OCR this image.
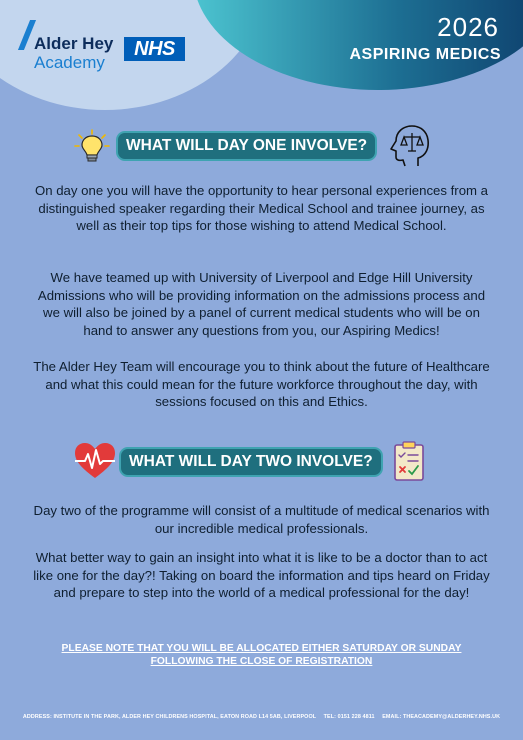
Alder Hey
Academy
NHS
2026
ASPIRING MEDICS
WHAT WILL DAY ONE INVOLVE?
On day one you will have the opportunity to hear personal experiences from a distinguished speaker regarding their Medical School and trainee journey, as well as their top tips for those wishing to attend Medical School.
We have teamed up with University of Liverpool and Edge Hill University Admissions who will be providing information on the admissions process and we will also be joined by a panel of current medical students who will be on hand to answer any questions from you, our Aspiring Medics!
The Alder Hey Team will encourage you to think about the future of Healthcare and what this could mean for the future workforce throughout the day, with sessions focused on this and Ethics.
WHAT WILL DAY TWO INVOLVE?
Day two of the programme will consist of a multitude of medical scenarios with our incredible medical professionals.
What better way to gain an insight into what it is like to be a doctor than to act like one for the day?! Taking on board the information and tips heard on Friday and prepare to step into the world of a medical professional for the day!
PLEASE NOTE THAT YOU WILL BE ALLOCATED EITHER SATURDAY OR SUNDAY FOLLOWING THE CLOSE OF REGISTRATION
ADDRESS: INSTITUTE IN THE PARK, ALDER HEY CHILDRENS HOSPITAL, EATON ROAD L14 5AB, LIVERPOOL TEL: 0151 228 4811 EMAIL: THEACADEMY@ALDERHEY.NHS.UK
